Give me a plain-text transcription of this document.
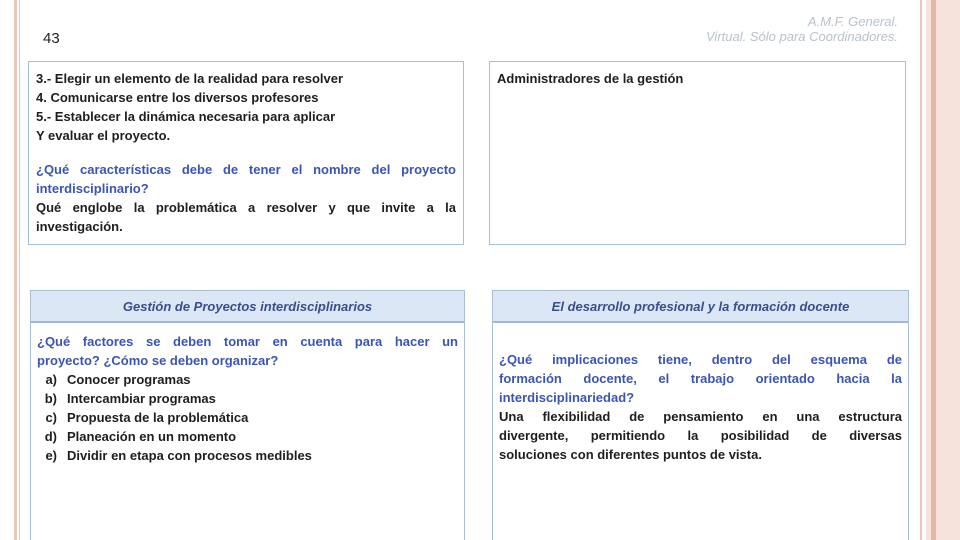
43
A.M.F. General.
Virtual. Sólo para Coordinadores.
3.- Elegir un elemento de la realidad para resolver
4. Comunicarse entre los diversos profesores
5.- Establecer la dinámica necesaria para aplicar
Y evaluar el proyecto.
¿Qué características debe de tener el nombre del proyecto
interdisciplinario?
Qué englobe la problemática a resolver y que invite a la
investigación.
Administradores de la gestión
Gestión de Proyectos interdisciplinarios
¿Qué factores se deben tomar en cuenta para hacer un
proyecto? ¿Cómo se deben organizar?
a) Conocer programas
b) Intercambiar programas
c) Propuesta de la problemática
d) Planeación en un momento
e) Dividir en etapa con procesos medibles
El desarrollo profesional y la formación docente
¿Qué implicaciones tiene, dentro del esquema de
formación docente, el trabajo orientado hacia la
interdisciplinariedad?
Una flexibilidad de pensamiento en una estructura
divergente, permitiendo la posibilidad de diversas
soluciones con diferentes puntos de vista.
